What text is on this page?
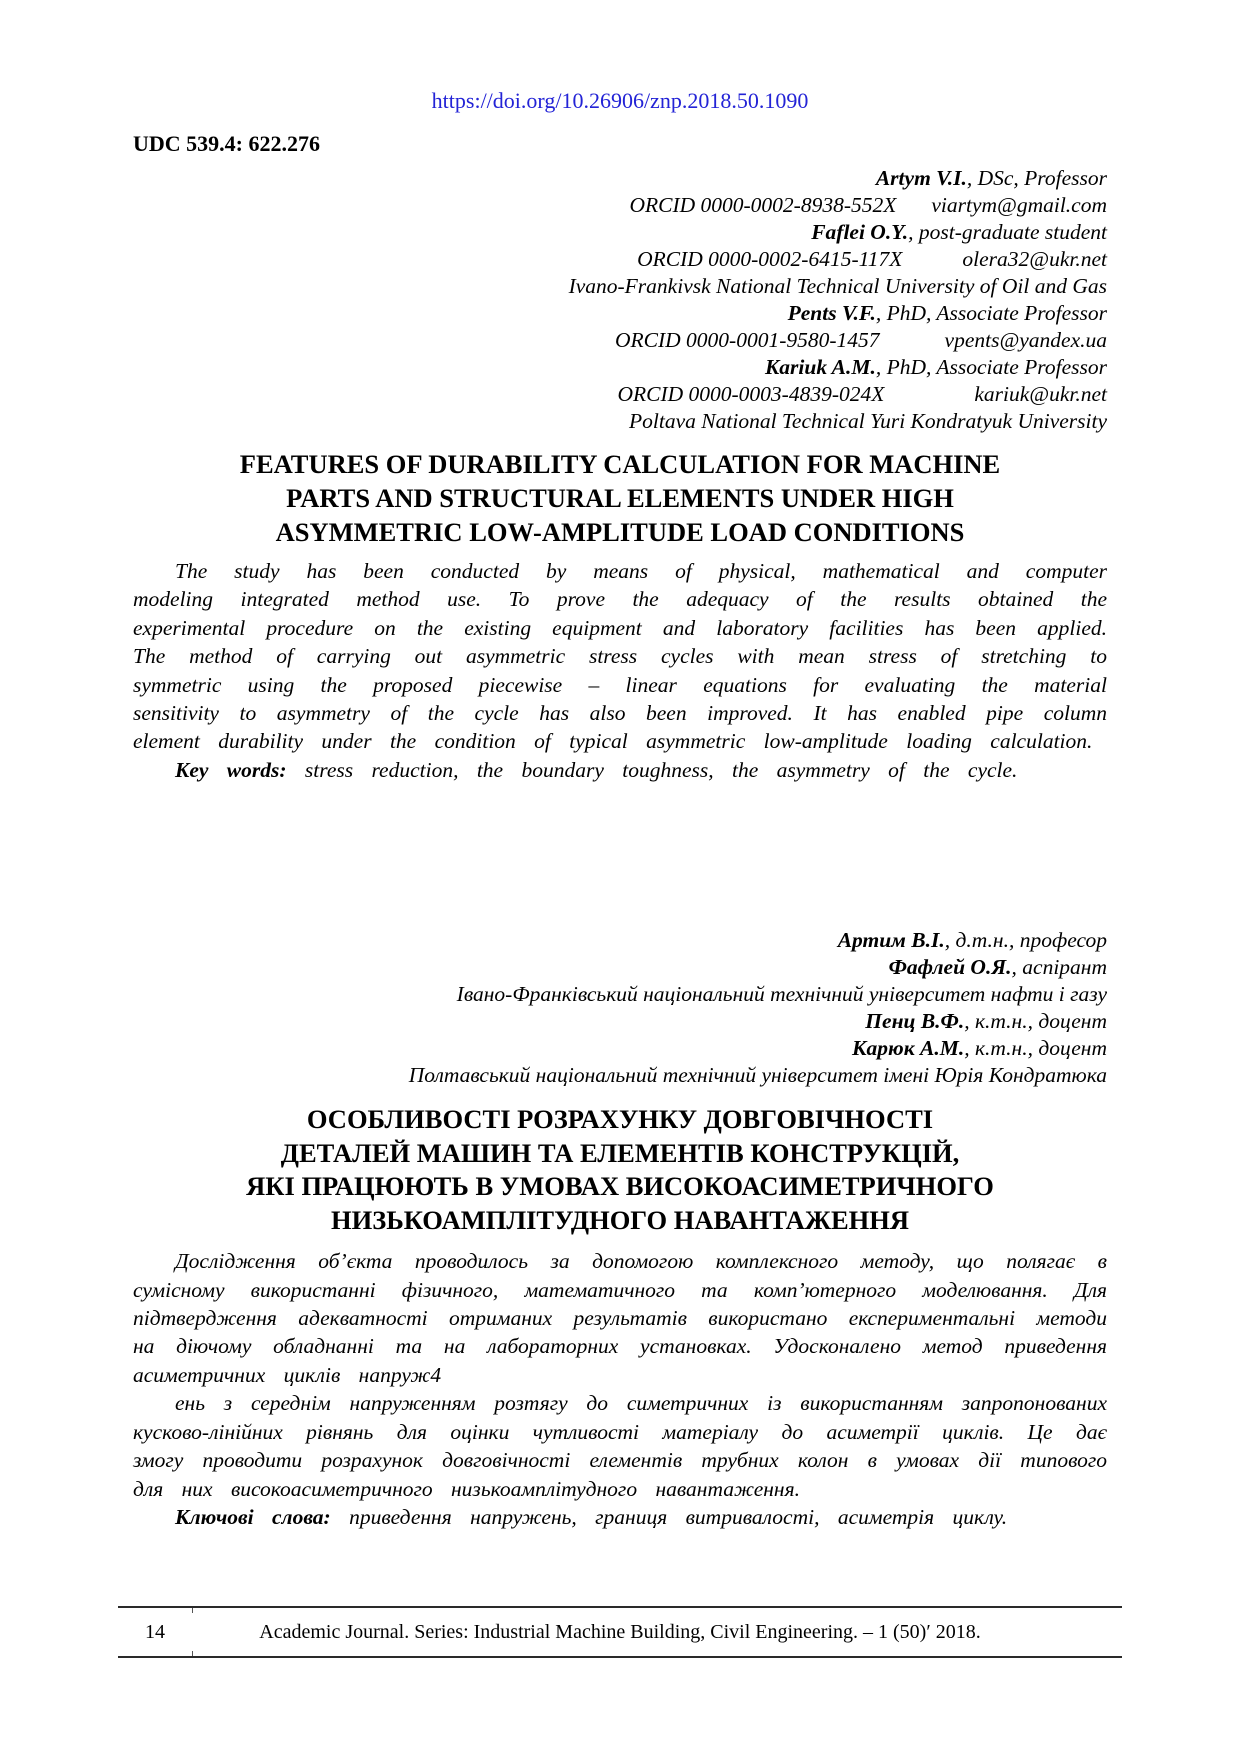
https://doi.org/10.26906/znp.2018.50.1090
UDC 539.4: 622.276
Artym V.I., DSc, Professor
ORCID 0000-0002-8938-552X viartym@gmail.com
Faflei O.Y., post-graduate student
ORCID 0000-0002-6415-117X	olera32@ukr.net
Ivano-Frankivsk National Technical University of Oil and Gas
Pents V.F., PhD, Associate Professor
ORCID 0000-0001-9580-1457	vpents@yandex.ua
Kariuk A.M., PhD, Associate Professor
ORCID 0000-0003-4839-024X	kariuk@ukr.net
Poltava National Technical Yuri Kondratyuk University
FEATURES OF DURABILITY CALCULATION FOR MACHINE
PARTS AND STRUCTURAL ELEMENTS UNDER HIGH
ASYMMETRIC LOW-AMPLITUDE LOAD CONDITIONS

The study has been conducted by means of physical, mathematical and computer modeling integrated method use. To prove the adequacy of the results obtained the experimental procedure on the existing equipment and laboratory facilities has been applied. The method of carrying out asymmetric stress cycles with mean stress of stretching to symmetric using the proposed piecewise – linear equations for evaluating the material sensitivity to asymmetry of the cycle has also been improved. It has enabled pipe column element durability under the condition of typical asymmetric low-amplitude loading calculation.

Key words: stress reduction, the boundary toughness, the asymmetry of the cycle.

Артим В.І., д.т.н., професор
Фафлей О.Я., аспірант
Івано-Франківський національний технічний університет нафти і газу
Пенц В.Ф., к.т.н., доцент
Карюк А.М., к.т.н., доцент
Полтавський національний технічний університет імені Юрія Кондратюка
ОСОБЛИВОСТІ РОЗРАХУНКУ ДОВГОВІЧНОСТІ
ДЕТАЛЕЙ МАШИН ТА ЕЛЕМЕНТІВ КОНСТРУКЦІЙ,
ЯКІ ПРАЦЮЮТЬ В УМОВАХ ВИСОКОАСИМЕТРИЧНОГО
НИЗЬКОАМПЛІТУДНОГО НАВАНТАЖЕННЯ

Дослідження об’єкта проводилось за допомогою комплексного методу, що полягає в сумісному використанні фізичного, математичного та комп’ютерного моделювання. Для підтвердження адекватності отриманих результатів використано експериментальні методи на діючому обладнанні та на лабораторних установках. Удосконалено метод приведення асиметричних циклів напруж4

ень з середнім напруженням розтягу до симетричних із використанням запропонованих кусково-лінійних рівнянь для оцінки чутливості матеріалу до асиметрії циклів. Це дає змогу проводити розрахунок довговічності елементів трубних колон в умовах дії типового для них високоасиметричного низькоамплітудного навантаження.

Ключові слова: приведення напружень, границя витривалості, асиметрія циклу.

14	Academic Journal. Series: Industrial Machine Building, Civil Engineering. – 1 (50)′ 2018.
